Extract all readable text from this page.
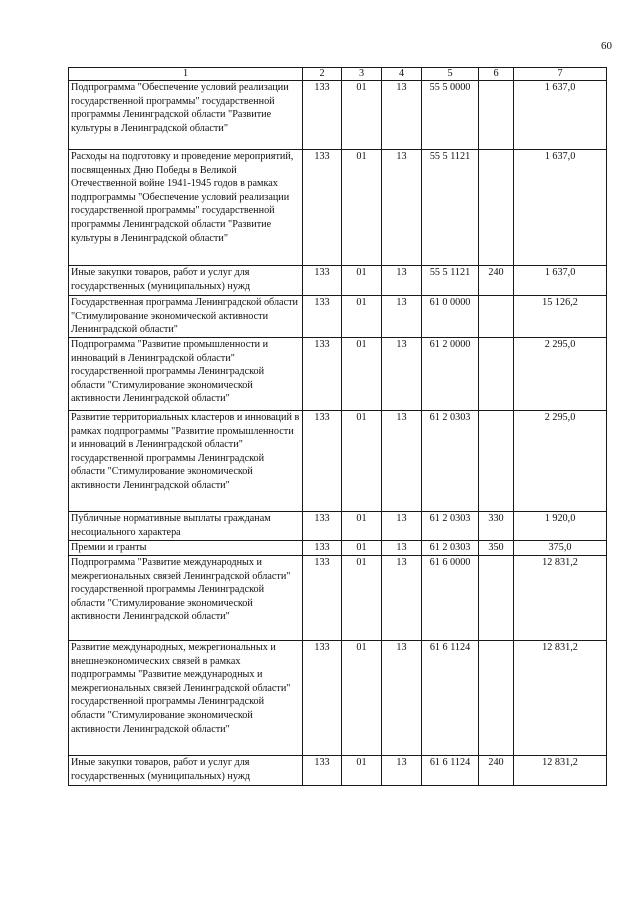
60
1	2	3	4	5	6	7
Подпрограмма "Обеспечение условий реализации государственной программы" государственной программы Ленинградской области "Развитие культуры в Ленинградской области"	133	01	13	55 5 0000		1 637,0
Расходы на подготовку и проведение мероприятий, посвященных Дню Победы в Великой Отечественной войне 1941-1945 годов в рамках подпрограммы "Обеспечение условий реализации государственной программы" государственной программы Ленинградской области "Развитие культуры в Ленинградской области"	133	01	13	55 5 1121		1 637,0
Иные закупки товаров, работ и услуг для государственных (муниципальных) нужд	133	01	13	55 5 1121	240	1 637,0
Государственная программа Ленинградской области "Стимулирование экономической активности Ленинградской области"	133	01	13	61 0 0000		15 126,2
Подпрограмма "Развитие промышленности и инноваций в Ленинградской области" государственной программы Ленинградской области "Стимулирование экономической активности Ленинградской области"	133	01	13	61 2 0000		2 295,0
Развитие территориальных кластеров и инноваций в рамках подпрограммы "Развитие промышленности и инноваций в Ленинградской области" государственной программы Ленинградской области "Стимулирование экономической активности Ленинградской области"	133	01	13	61 2 0303		2 295,0
Публичные нормативные выплаты гражданам несоциального характера	133	01	13	61 2 0303	330	1 920,0
Премии и гранты	133	01	13	61 2 0303	350	375,0
Подпрограмма "Развитие международных и межрегиональных связей Ленинградской области" государственной программы Ленинградской области "Стимулирование экономической активности Ленинградской области"	133	01	13	61 6 0000		12 831,2
Развитие международных, межрегиональных и внешнеэкономических связей в рамках подпрограммы "Развитие международных и межрегиональных связей Ленинградской области" государственной программы Ленинградской области "Стимулирование экономической активности Ленинградской области"	133	01	13	61 6 1124		12 831,2
Иные закупки товаров, работ и услуг для государственных (муниципальных) нужд	133	01	13	61 6 1124	240	12 831,2
